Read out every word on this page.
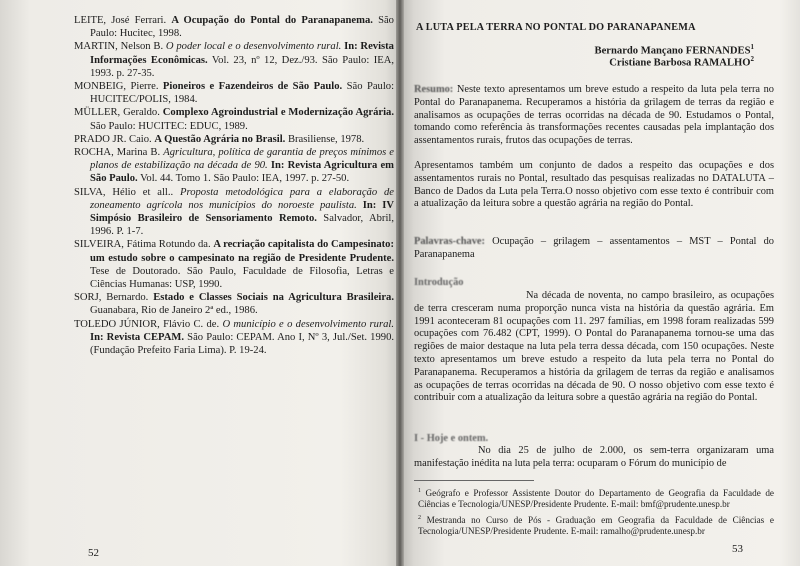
LEITE, José Ferrari. A Ocupação do Pontal do Paranapanema. São Paulo: Hucitec, 1998.

MARTIN, Nelson B. O poder local e o desenvolvimento rural. In: Revista Informações Econômicas. Vol. 23, nº 12, Dez./93. São Paulo: IEA, 1993. p. 27-35.

MONBEIG, Pierre. Pioneiros e Fazendeiros de São Paulo. São Paulo: HUCITEC/POLIS, 1984.

MÜLLER, Geraldo. Complexo Agroindustrial e Modernização Agrária. São Paulo: HUCITEC: EDUC, 1989.

PRADO JR. Caio. A Questão Agrária no Brasil. Brasiliense, 1978.

ROCHA, Marina B. Agricultura, política de garantia de preços mínimos e planos de estabilização na década de 90. In: Revista Agricultura em São Paulo. Vol. 44. Tomo 1. São Paulo: IEA, 1997. p. 27-50.

SILVA, Hélio et all.. Proposta metodológica para a elaboração de zoneamento agrícola nos municípios do noroeste paulista. In: IV Simpósio Brasileiro de Sensoriamento Remoto. Salvador, Abril, 1996. P. 1-7.

SILVEIRA, Fátima Rotundo da. A recriação capitalista do Campesinato: um estudo sobre o campesinato na região de Presidente Prudente. Tese de Doutorado. São Paulo, Faculdade de Filosofia, Letras e Ciências Humanas: USP, 1990.

SORJ, Bernardo. Estado e Classes Sociais na Agricultura Brasileira. Guanabara, Rio de Janeiro 2ª ed., 1986.

TOLEDO JÚNIOR, Flávio C. de. O município e o desenvolvimento rural. In: Revista CEPAM. São Paulo: CEPAM. Ano I, Nº 3, Jul./Set. 1990. (Fundação Prefeito Faria Lima). P. 19-24.

52
A LUTA PELA TERRA NO PONTAL DO PARANAPANEMA
Bernardo Mançano FERNANDES$^1$
Cristiane Barbosa RAMALHO$^2$

Resumo: Neste texto apresentamos um breve estudo a respeito da luta pela terra no Pontal do Paranapanema. Recuperamos a história da grilagem de terras da região e analisamos as ocupações de terras ocorridas na década de 90. Estudamos o Pontal, tomando como referência às transformações recentes causadas pela implantação dos assentamentos rurais, frutos das ocupações de terras.

Apresentamos também um conjunto de dados a respeito das ocupações e dos assentamentos rurais no Pontal, resultado das pesquisas realizadas no DATALUTA – Banco de Dados da Luta pela Terra.O nosso objetivo com esse texto é contribuir com a atualização da leitura sobre a questão agrária na região do Pontal.

Palavras-chave: Ocupação – grilagem – assentamentos – MST – Pontal do Paranapanema

Introdução

Na década de noventa, no campo brasileiro, as ocupações de terra cresceram numa proporção nunca vista na história da questão agrária. Em 1991 aconteceram 81 ocupações com 11. 297 famílias, em 1998 foram realizadas 599 ocupações com 76.482 (CPT, 1999). O Pontal do Paranapanema tornou-se uma das regiões de maior destaque na luta pela terra dessa década, com 150 ocupações. Neste texto apresentamos um breve estudo a respeito da luta pela terra no Pontal do Paranapanema. Recuperamos a história da grilagem de terras da região e analisamos as ocupações de terras ocorridas na década de 90. O nosso objetivo com esse texto é contribuir com a atualização da leitura sobre a questão agrária na região do Pontal.

I - Hoje e ontem.

No dia 25 de julho de 2.000, os sem-terra organizaram uma manifestação inédita na luta pela terra: ocuparam o Fórum do município de

$^1$ Geógrafo e Professor Assistente Doutor do Departamento de Geografia da Faculdade de Ciências e Tecnologia/UNESP/Presidente Prudente. E-mail: bmf@prudente.unesp.br

$^2$ Mestranda no Curso de Pós - Graduação em Geografia da Faculdade de Ciências e Tecnologia/UNESP/Presidente Prudente. E-mail: ramalho@prudente.unesp.br

53
